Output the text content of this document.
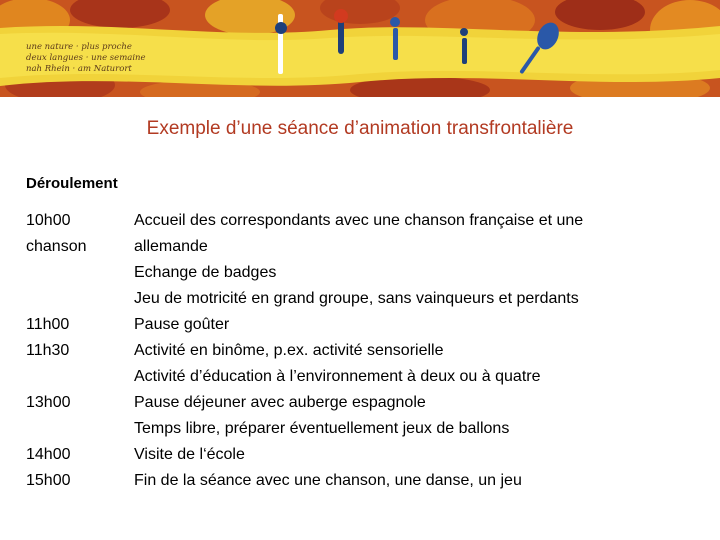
une nature · plus proche
deux langues · une semaine
nah Rhein · am Naturort
Exemple d’une séance d’animation transfrontalière
Déroulement
10h00
chanson
11h00
11h30
13h00
14h00
15h00
Accueil des correspondants avec une chanson française et une
allemande
Echange de badges
Jeu de motricité en grand groupe, sans vainqueurs et perdants
Pause goûter
Activité en binôme, p.ex. activité sensorielle
Activité d’éducation à l’environnement à deux ou à quatre
Pause déjeuner avec auberge espagnole
Temps libre, préparer éventuellement jeux de ballons
Visite de l‘école
Fin de la séance avec une chanson, une danse, un jeu
